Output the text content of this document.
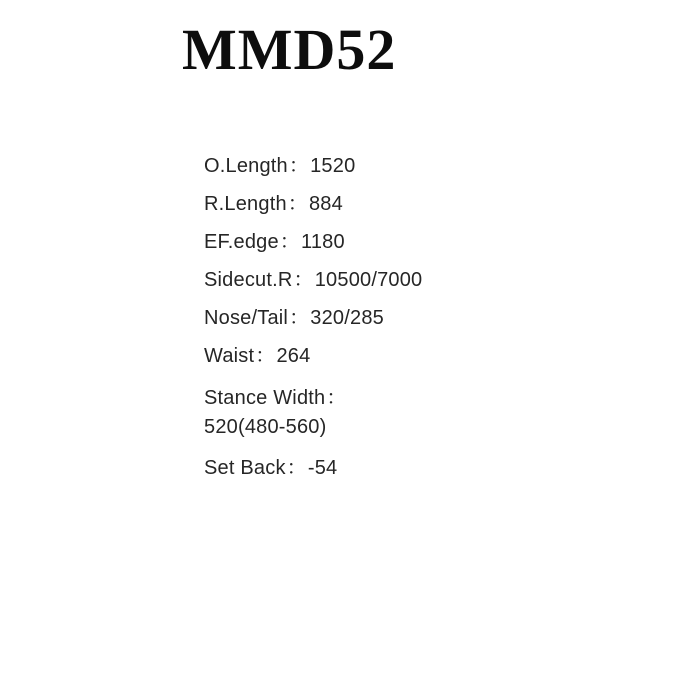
MMD52
O.Length：1520
R.Length：884
EF.edge：1180
Sidecut.R：10500/7000
Nose/Tail：320/285
Waist：264
Stance Width：
520(480-560)
Set Back：-54
